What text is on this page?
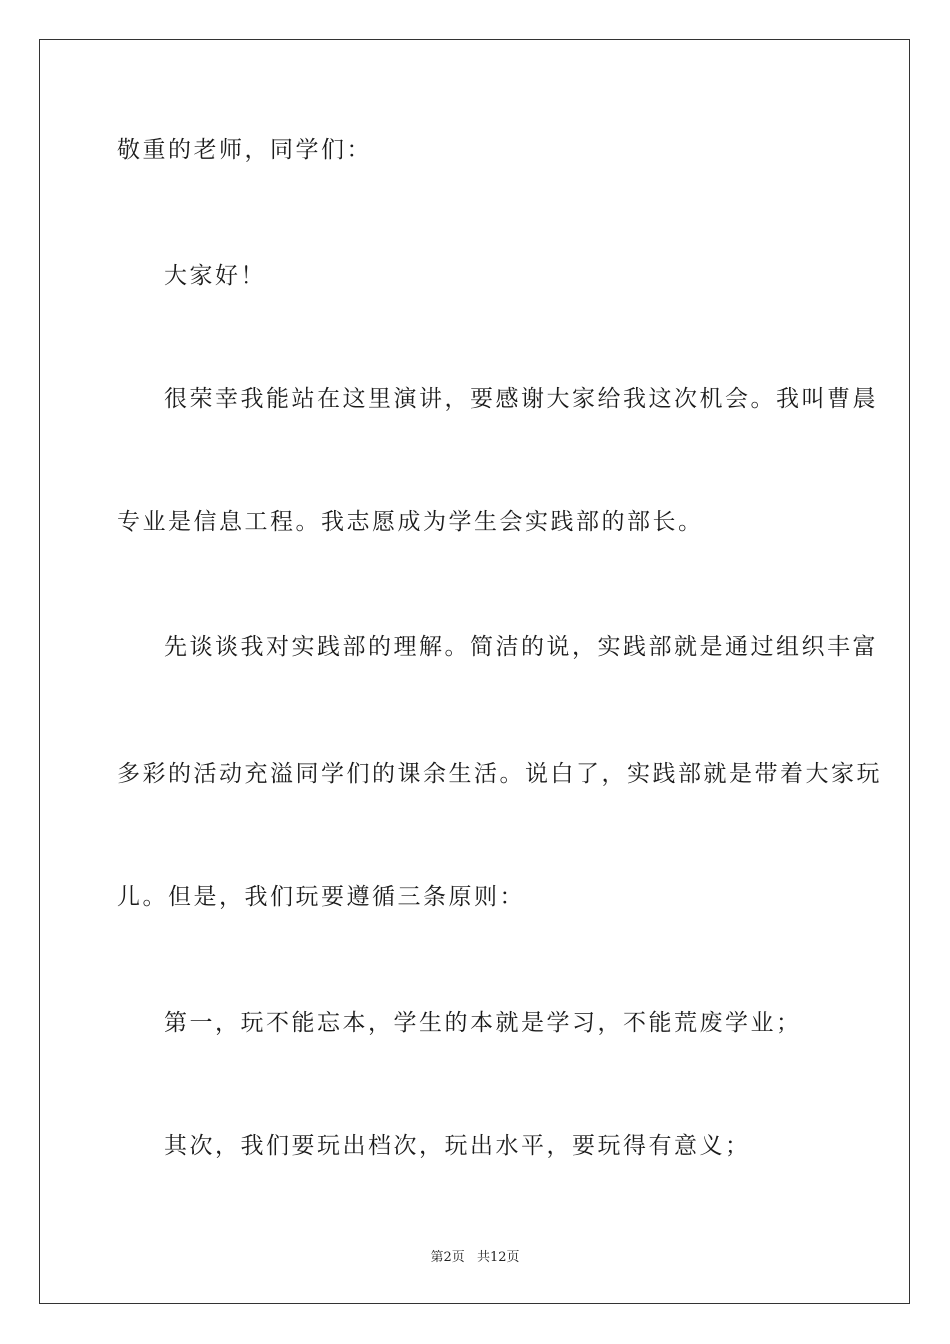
敬重的老师，同学们：
大家好！
很荣幸我能站在这里演讲，要感谢大家给我这次机会。我叫曹晨
专业是信息工程。我志愿成为学生会实践部的部长。
先谈谈我对实践部的理解。简洁的说，实践部就是通过组织丰富
多彩的活动充溢同学们的课余生活。说白了，实践部就是带着大家玩
儿。但是，我们玩要遵循三条原则：
第一，玩不能忘本，学生的本就是学习，不能荒废学业；
其次，我们要玩出档次，玩出水平，要玩得有意义；
第2页 共12页
